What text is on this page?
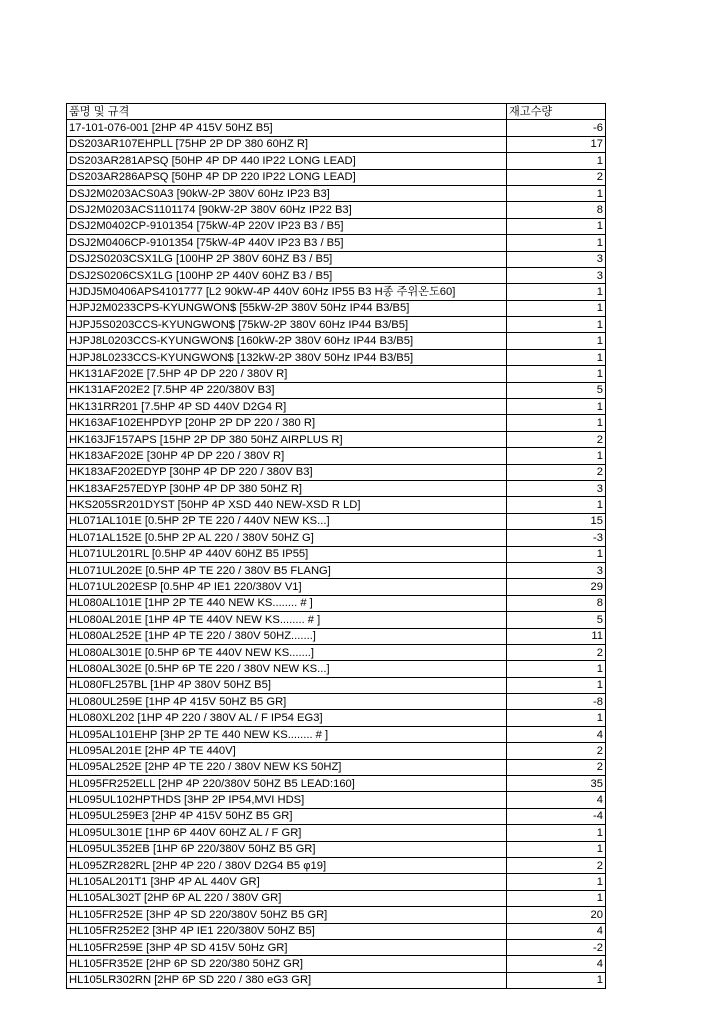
품명 및 규격	재고수량
17-101-076-001 [2HP 4P 415V 50HZ B5]	-6
DS203AR107EHPLL [75HP 2P DP 380 60HZ R]	17
DS203AR281APSQ [50HP 4P DP 440 IP22 LONG LEAD]	1
DS203AR286APSQ [50HP 4P DP 220 IP22 LONG LEAD]	2
DSJ2M0203ACS0A3 [90kW-2P 380V 60Hz IP23 B3]	1
DSJ2M0203ACS1101174 [90kW-2P 380V 60Hz IP22 B3]	8
DSJ2M0402CP-9101354 [75kW-4P 220V IP23 B3 / B5]	1
DSJ2M0406CP-9101354 [75kW-4P 440V IP23 B3 / B5]	1
DSJ2S0203CSX1LG [100HP 2P 380V 60HZ B3 / B5]	3
DSJ2S0206CSX1LG [100HP 2P 440V 60HZ B3 / B5]	3
HJDJ5M0406APS4101777 [L2 90kW-4P 440V 60Hz IP55 B3 H종 주위온도60]	1
HJPJ2M0233CPS-KYUNGWON$ [55kW-2P 380V 50Hz IP44 B3/B5]	1
HJPJ5S0203CCS-KYUNGWON$ [75kW-2P 380V 60Hz IP44 B3/B5]	1
HJPJ8L0203CCS-KYUNGWON$ [160kW-2P 380V 60Hz IP44 B3/B5]	1
HJPJ8L0233CCS-KYUNGWON$ [132kW-2P 380V 50Hz IP44 B3/B5]	1
HK131AF202E [7.5HP 4P DP 220 / 380V R]	1
HK131AF202E2 [7.5HP 4P 220/380V B3]	5
HK131RR201 [7.5HP 4P SD 440V D2G4 R]	1
HK163AF102EHPDYP [20HP 2P DP 220 / 380 R]	1
HK163JF157APS [15HP 2P DP 380 50HZ AIRPLUS R]	2
HK183AF202E [30HP 4P DP 220 / 380V R]	1
HK183AF202EDYP [30HP 4P DP 220 / 380V B3]	2
HK183AF257EDYP [30HP 4P DP 380 50HZ R]	3
HKS205SR201DYST [50HP 4P XSD 440 NEW-XSD R LD]	1
HL071AL101E [0.5HP 2P TE 220 / 440V NEW KS...]	15
HL071AL152E [0.5HP 2P AL 220 / 380V 50HZ G]	-3
HL071UL201RL [0.5HP 4P 440V 60HZ B5 IP55]	1
HL071UL202E [0.5HP 4P TE 220 / 380V B5 FLANG]	3
HL071UL202ESP [0.5HP 4P IE1 220/380V V1]	29
HL080AL101E [1HP 2P TE 440 NEW KS........ # ]	8
HL080AL201E [1HP 4P TE 440V NEW KS........ # ]	5
HL080AL252E [1HP 4P TE 220 / 380V 50HZ.......]	11
HL080AL301E [0.5HP 6P TE 440V NEW KS.......]	2
HL080AL302E [0.5HP 6P TE 220 / 380V NEW KS...]	1
HL080FL257BL [1HP 4P 380V 50HZ B5]	1
HL080UL259E [1HP 4P 415V 50HZ B5 GR]	-8
HL080XL202 [1HP 4P 220 / 380V AL / F IP54 EG3]	1
HL095AL101EHP [3HP 2P TE 440 NEW KS........ # ]	4
HL095AL201E [2HP 4P TE 440V]	2
HL095AL252E [2HP 4P TE 220 / 380V NEW KS 50HZ]	2
HL095FR252ELL [2HP 4P 220/380V 50HZ B5 LEAD:160]	35
HL095UL102HPTHDS [3HP 2P IP54,MVI HDS]	4
HL095UL259E3 [2HP 4P 415V 50HZ B5 GR]	-4
HL095UL301E [1HP 6P 440V 60HZ AL / F GR]	1
HL095UL352EB [1HP 6P 220/380V 50HZ B5 GR]	1
HL095ZR282RL [2HP 4P 220 / 380V D2G4 B5 φ19]	2
HL105AL201T1 [3HP 4P AL 440V GR]	1
HL105AL302T [2HP 6P AL 220 / 380V GR]	1
HL105FR252E [3HP 4P SD 220/380V 50HZ B5 GR]	20
HL105FR252E2 [3HP 4P IE1 220/380V 50HZ B5]	4
HL105FR259E [3HP 4P SD 415V 50Hz GR]	-2
HL105FR352E [2HP 6P SD 220/380 50HZ GR]	4
HL105LR302RN [2HP 6P SD 220 / 380 eG3 GR]	1
